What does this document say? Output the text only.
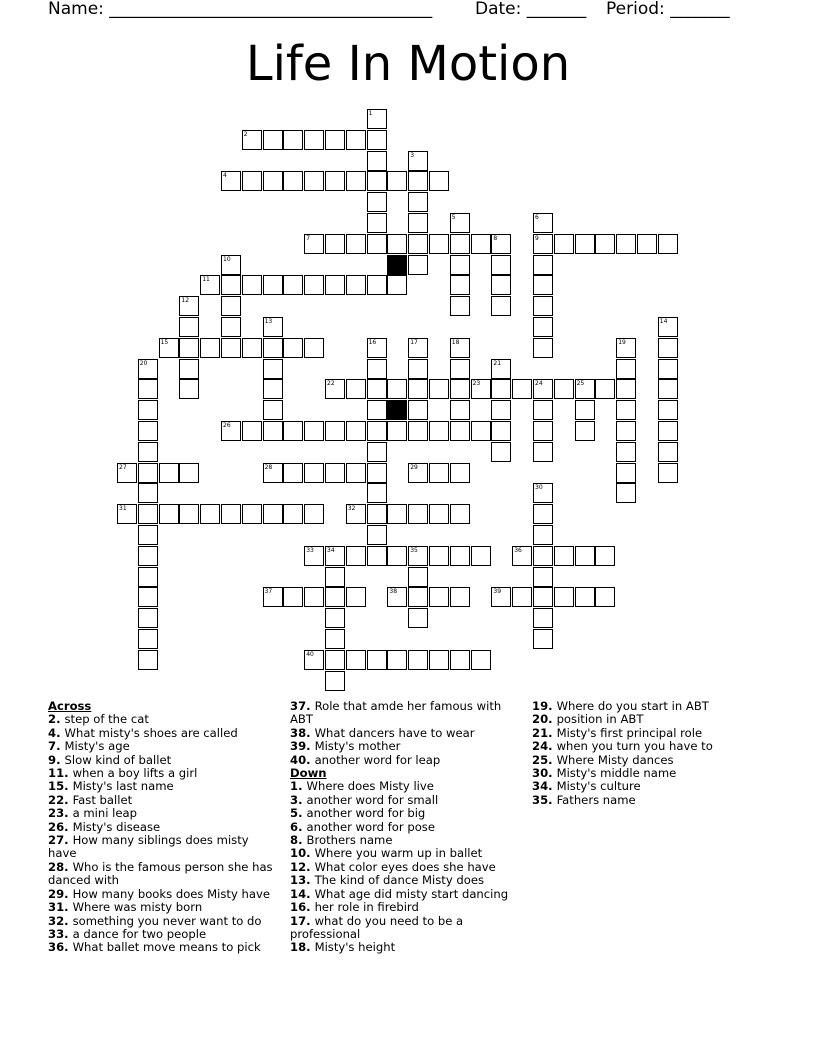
Name: ______________________________________	Date: _______ Period: _______
Life In Motion
1
2
3
4
5	6
7	8	9
10
11
12
13	14
15	16	17	18	19
20	21
22	23	24	25
26
27	28	29
30
31	32
33 34	35	36
37	38	39
40
Across
2. step of the cat
4. What misty's shoes are called
7. Misty's age
9. Slow kind of ballet
11. when a boy lifts a girl
15. Misty's last name
22. Fast ballet
23. a mini leap
26. Misty's disease
27. How many siblings does misty have
28. Who is the famous person she has danced with
29. How many books does Misty have
31. Where was misty born
32. something you never want to do
33. a dance for two people
36. What ballet move means to pick
37. Role that amde her famous with ABT
38. What dancers have to wear
39. Misty's mother
40. another word for leap
Down
1. Where does Misty live
3. another word for small
5. another word for big
6. another word for pose
8. Brothers name
10. Where you warm up in ballet
12. What color eyes does she have
13. The kind of dance Misty does
14. What age did misty start dancing
16. her role in firebird
17. what do you need to be a professional
18. Misty's height
19. Where do you start in ABT
20. position in ABT
21. Misty's first principal role
24. when you turn you have to
25. Where Misty dances
30. Misty's middle name
34. Misty's culture
35. Fathers name
